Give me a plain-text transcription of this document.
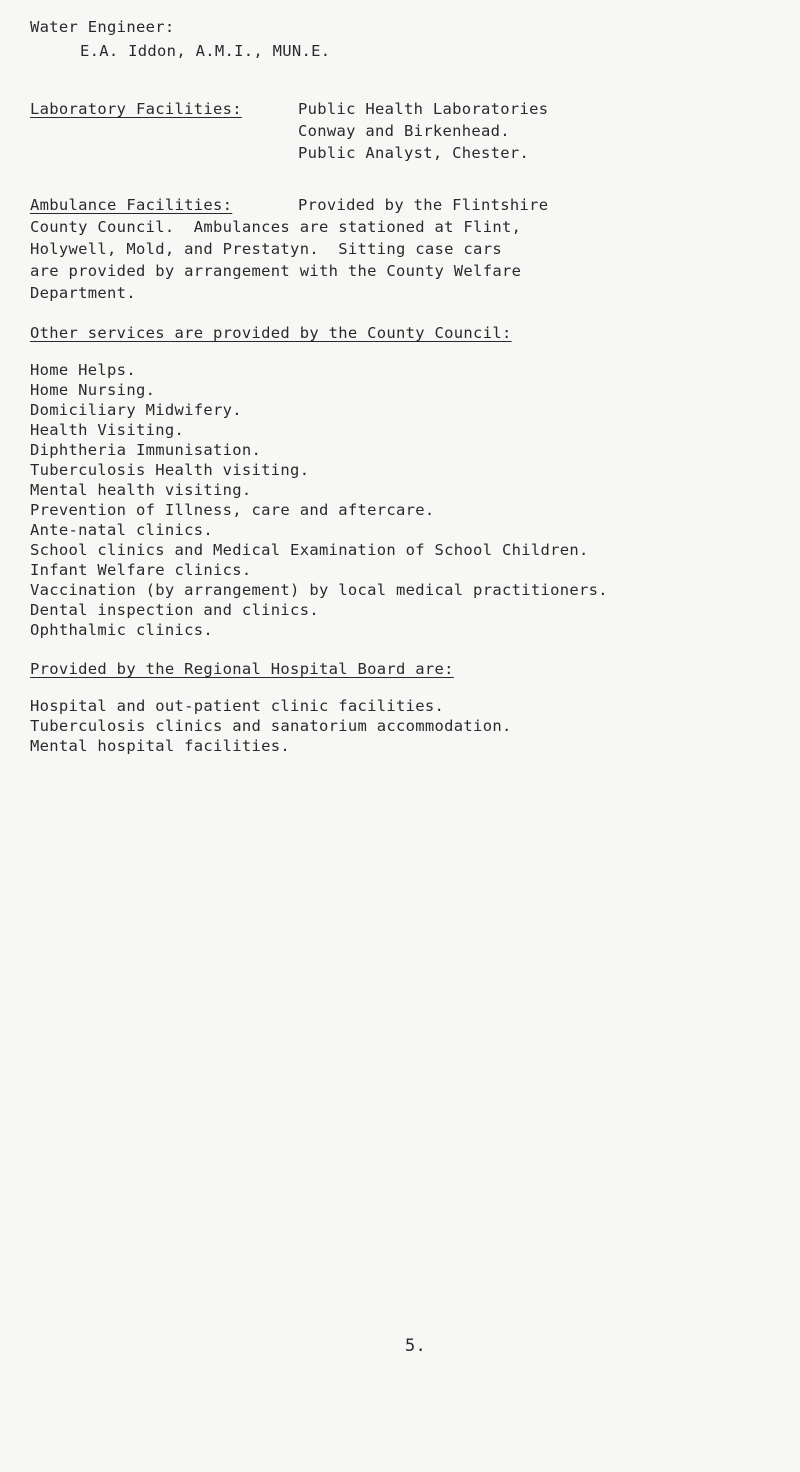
Water Engineer:
E.A. Iddon, A.M.I., MUN.E.
Laboratory Facilities:	Public Health Laboratories
Conway and Birkenhead.
Public Analyst, Chester.
Ambulance Facilities:	Provided by the Flintshire
County Council.  Ambulances are stationed at Flint,
Holywell, Mold, and Prestatyn.  Sitting case cars
are provided by arrangement with the County Welfare
Department.
Other services are provided by the County Council:
Home Helps.
Home Nursing.
Domiciliary Midwifery.
Health Visiting.
Diphtheria Immunisation.
Tuberculosis Health visiting.
Mental health visiting.
Prevention of Illness, care and aftercare.
Ante-natal clinics.
School clinics and Medical Examination of School Children.
Infant Welfare clinics.
Vaccination (by arrangement) by local medical practitioners.
Dental inspection and clinics.
Ophthalmic clinics.
Provided by the Regional Hospital Board are:
Hospital and out-patient clinic facilities.
Tuberculosis clinics and sanatorium accommodation.
Mental hospital facilities.
5.
